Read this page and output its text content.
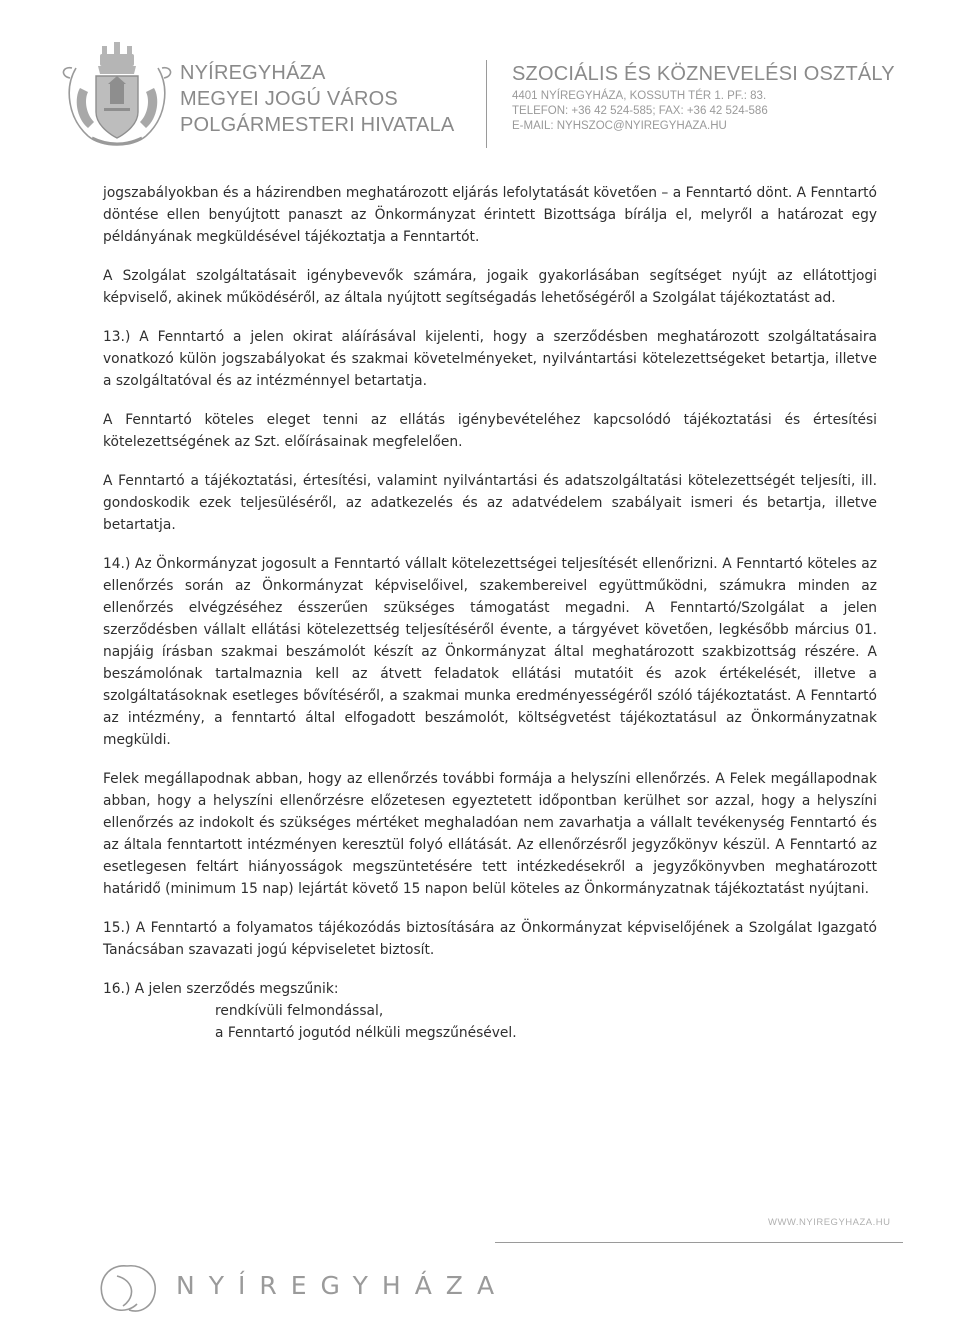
NYÍREGYHÁZA
MEGYEI JOGÚ VÁROS
POLGÁRMESTERI HIVATALA
SZOCIÁLIS ÉS KÖZNEVELÉSI OSZTÁLY
4401 NYÍREGYHÁZA, KOSSUTH TÉR 1. PF.: 83.
TELEFON: +36 42 524-585; FAX: +36 42 524-586
E-MAIL: NYHSZOC@NYIREGYHAZA.HU

jogszabályokban és a házirendben meghatározott eljárás lefolytatását követően – a Fenntartó dönt. A Fenntartó döntése ellen benyújtott panaszt az Önkormányzat érintett Bizottsága bírálja el, melyről a határozat egy példányának megküldésével tájékoztatja a Fenntartót.

A Szolgálat szolgáltatásait igénybevevők számára, jogaik gyakorlásában segítséget nyújt az ellátottjogi képviselő, akinek működéséről, az általa nyújtott segítségadás lehetőségéről a Szolgálat tájékoztatást ad.

13.) A Fenntartó a jelen okirat aláírásával kijelenti, hogy a szerződésben meghatározott szolgáltatásaira vonatkozó külön jogszabályokat és szakmai követelményeket, nyilvántartási kötelezettségeket betartja, illetve a szolgáltatóval és az intézménnyel betartatja.

A Fenntartó köteles eleget tenni az ellátás igénybevételéhez kapcsolódó tájékoztatási és értesítési kötelezettségének az Szt. előírásainak megfelelően.

A Fenntartó a tájékoztatási, értesítési, valamint nyilvántartási és adatszolgáltatási kötelezettségét teljesíti, ill. gondoskodik ezek teljesüléséről, az adatkezelés és az adatvédelem szabályait ismeri és betartja, illetve betartatja.

14.) Az Önkormányzat jogosult a Fenntartó vállalt kötelezettségei teljesítését ellenőrizni. A Fenntartó köteles az ellenőrzés során az Önkormányzat képviselőivel, szakembereivel együttműködni, számukra minden az ellenőrzés elvégzéséhez ésszerűen szükséges támogatást megadni. A Fenntartó/Szolgálat a jelen szerződésben vállalt ellátási kötelezettség teljesítéséről évente, a tárgyévet követően, legkésőbb március 01. napjáig írásban szakmai beszámolót készít az Önkormányzat által meghatározott szakbizottság részére. A beszámolónak tartalmaznia kell az átvett feladatok ellátási mutatóit és azok értékelését, illetve a szolgáltatásoknak esetleges bővítéséről, a szakmai munka eredményességéről szóló tájékoztatást. A Fenntartó az intézmény, a fenntartó által elfogadott beszámolót, költségvetést tájékoztatásul az Önkormányzatnak megküldi.

Felek megállapodnak abban, hogy az ellenőrzés további formája a helyszíni ellenőrzés. A Felek megállapodnak abban, hogy a helyszíni ellenőrzésre előzetesen egyeztetett időpontban kerülhet sor azzal, hogy a helyszíni ellenőrzés az indokolt és szükséges mértéket meghaladóan nem zavarhatja a vállalt tevékenység Fenntartó és az általa fenntartott intézményen keresztül folyó ellátását. Az ellenőrzésről jegyzőkönyv készül. A Fenntartó az esetlegesen feltárt hiányosságok megszüntetésére tett intézkedésekről a jegyzőkönyvben meghatározott határidő (minimum 15 nap) lejártát követő 15 napon belül köteles az Önkormányzatnak tájékoztatást nyújtani.

15.) A Fenntartó a folyamatos tájékozódás biztosítására az Önkormányzat képviselőjének a Szolgálat Igazgató Tanácsában szavazati jogú képviseletet biztosít.

16.) A jelen szerződés megszűnik:

rendkívüli felmondással,

a Fenntartó jogutód nélküli megszűnésével.

WWW.NYIREGYHAZA.HU
NYÍREGYHÁZA
